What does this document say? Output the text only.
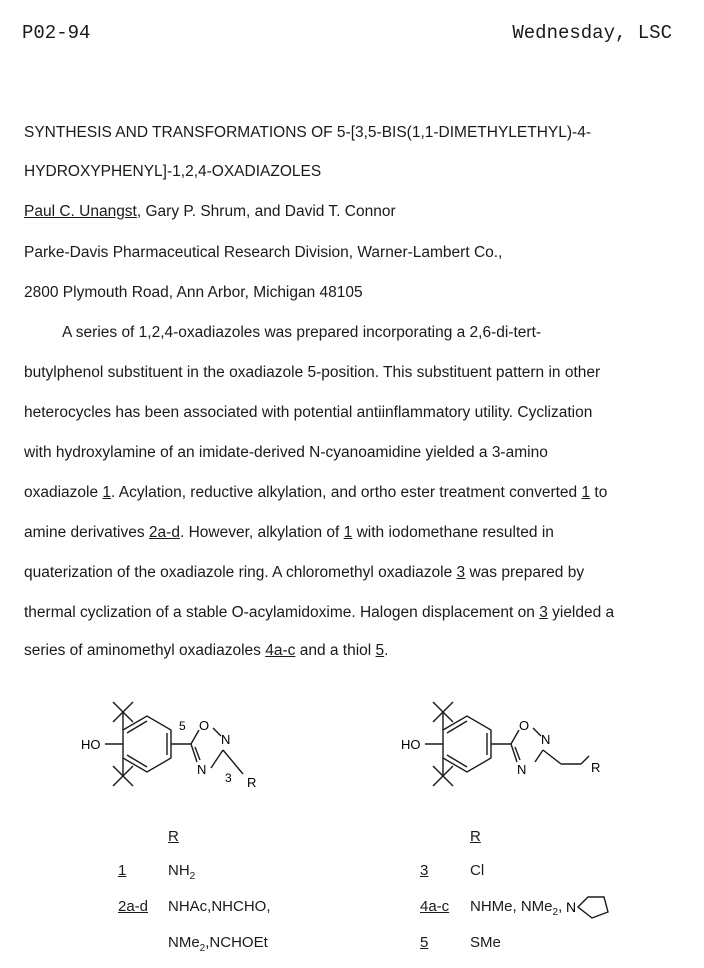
P02-94	Wednesday, LSC
SYNTHESIS AND TRANSFORMATIONS OF 5-[3,5-BIS(1,1-DIMETHYLETHYL)-4-
HYDROXYPHENYL]-1,2,4-OXADIAZOLES
Paul C. Unangst, Gary P. Shrum, and David T. Connor
Parke-Davis Pharmaceutical Research Division, Warner-Lambert Co.,
2800 Plymouth Road, Ann Arbor, Michigan 48105
A series of 1,2,4-oxadiazoles was prepared incorporating a 2,6-di-tert-
butylphenol substituent in the oxadiazole 5-position. This substituent pattern in other
heterocycles has been associated with potential antiinflammatory utility. Cyclization
with hydroxylamine of an imidate-derived N-cyanoamidine yielded a 3-amino
oxadiazole 1. Acylation, reductive alkylation, and ortho ester treatment converted 1 to
amine derivatives 2a-d. However, alkylation of 1 with iodomethane resulted in
quaterization of the oxadiazole ring. A chloromethyl oxadiazole 3 was prepared by
thermal cyclization of a stable O-acylamidoxime. Halogen displacement on 3 yielded a
series of aminomethyl oxadiazoles 4a-c and a thiol 5.
HO
5 O
N
N
3 R
HO
O
N
N	R
R
1	$NH_2$
2a-d NHAc,NHCHO,
NMe$_2$,NCHOEt
R
3	Cl
4a-c NHMe, NMe$_2$, N
5	SMe
